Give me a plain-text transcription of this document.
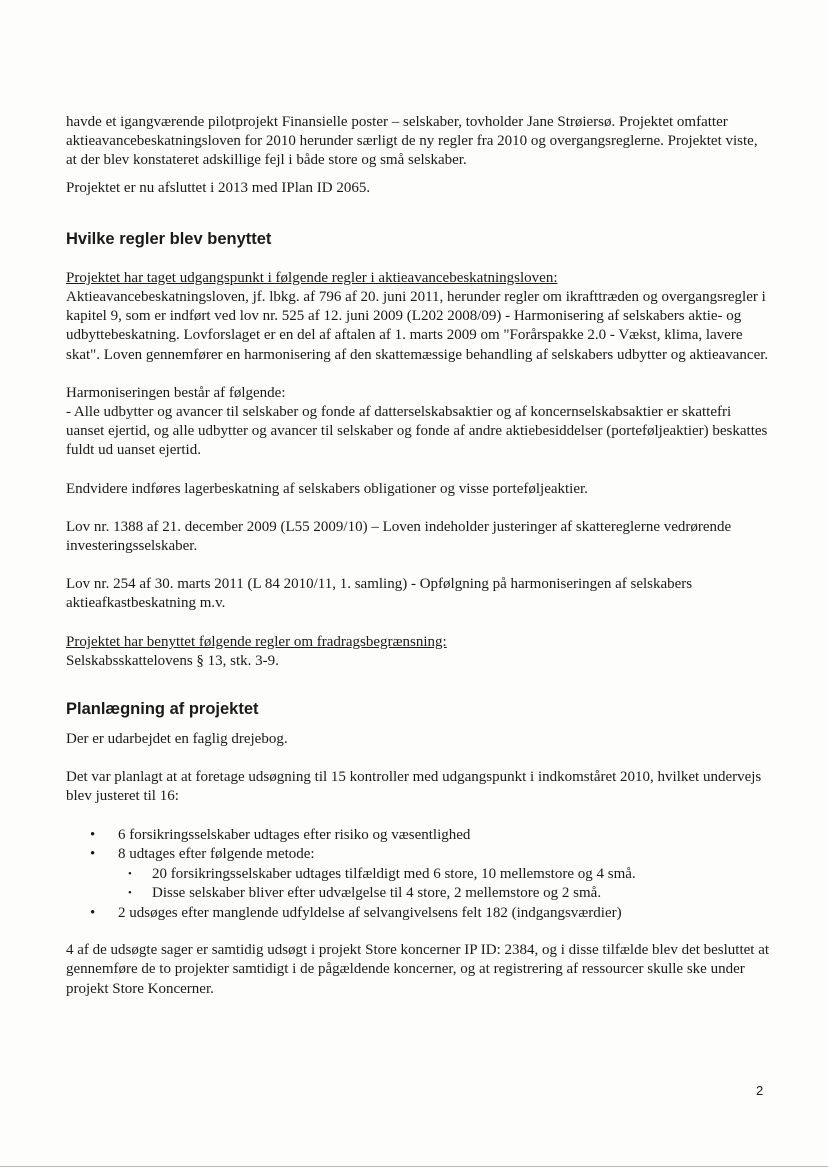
havde et igangværende pilotprojekt Finansielle poster – selskaber, tovholder Jane Strøiersø. Projektet omfatter aktieavancebeskatningsloven for 2010 herunder særligt de ny regler fra 2010 og overgangsreglerne. Projektet viste, at der blev konstateret adskillige fejl i både store og små selskaber.

Projektet er nu afsluttet i 2013 med IPlan ID 2065.

Hvilke regler blev benyttet

Projektet har taget udgangspunkt i følgende regler i aktieavancebeskatningsloven:

Aktieavancebeskatningsloven, jf. lbkg. af 796 af 20. juni 2011, herunder regler om ikrafttræden og overgangsregler i kapitel 9, som er indført ved lov nr. 525 af 12. juni 2009 (L202 2008/09) - Harmonisering af selskabers aktie- og udbyttebeskatning. Lovforslaget er en del af aftalen af 1. marts 2009 om "Forårspakke 2.0 - Vækst, klima, lavere skat". Loven gennemfører en harmonisering af den skattemæssige behandling af selskabers udbytter og aktieavancer.

Harmoniseringen består af følgende:

- Alle udbytter og avancer til selskaber og fonde af datterselskabsaktier og af koncernselskabsaktier er skattefri uanset ejertid, og alle udbytter og avancer til selskaber og fonde af andre aktiebesiddelser (porteføljeaktier) beskattes fuldt ud uanset ejertid.

Endvidere indføres lagerbeskatning af selskabers obligationer og visse porteføljeaktier.

Lov nr. 1388 af 21. december 2009 (L55 2009/10) – Loven indeholder justeringer af skattereglerne vedrørende investeringsselskaber.

Lov nr. 254 af 30. marts 2011 (L 84 2010/11, 1. samling) - Opfølgning på harmoniseringen af selskabers aktieafkastbeskatning m.v.

Projektet har benyttet følgende regler om fradragsbegrænsning:

Selskabsskattelovens § 13, stk. 3-9.

Planlægning af projektet

Der er udarbejdet en faglig drejebog.

Det var planlagt at at foretage udsøgning til 15 kontroller med udgangspunkt i indkomståret 2010, hvilket undervejs blev justeret til 16:

• 6 forsikringsselskaber udtages efter risiko og væsentlighed
• 8 udtages efter følgende metode:
• 20 forsikringsselskaber udtages tilfældigt med 6 store, 10 mellemstore og 4 små.
• Disse selskaber bliver efter udvælgelse til 4 store, 2 mellemstore og 2 små.
• 2 udsøges efter manglende udfyldelse af selvangivelsens felt 182 (indgangsværdier)

4 af de udsøgte sager er samtidig udsøgt i projekt Store koncerner IP ID: 2384, og i disse tilfælde blev det besluttet at gennemføre de to projekter samtidigt i de pågældende koncerner, og at registrering af ressourcer skulle ske under projekt Store Koncerner.

2
